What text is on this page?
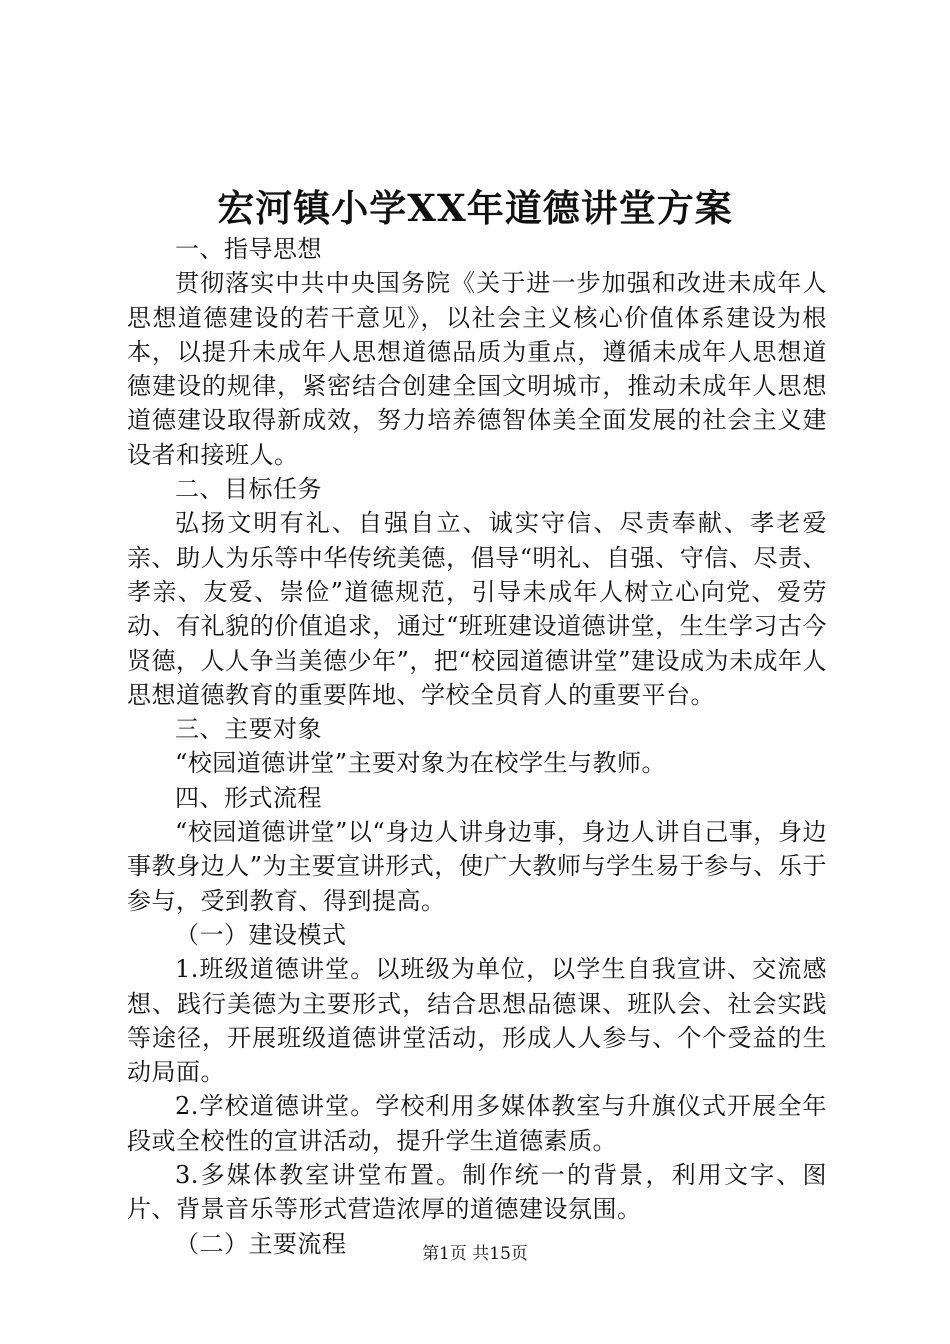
宏河镇小学XX年道德讲堂方案

一、指导思想

贯彻落实中共中央国务院《关于进一步加强和改进未成年人思想道德建设的若干意见》，以社会主义核心价值体系建设为根本，以提升未成年人思想道德品质为重点，遵循未成年人思想道德建设的规律，紧密结合创建全国文明城市，推动未成年人思想道德建设取得新成效，努力培养德智体美全面发展的社会主义建设者和接班人。

二、目标任务

弘扬文明有礼、自强自立、诚实守信、尽责奉献、孝老爱亲、助人为乐等中华传统美德，倡导“明礼、自强、守信、尽责、孝亲、友爱、崇俭”道德规范，引导未成年人树立心向党、爱劳动、有礼貌的价值追求，通过“班班建设道德讲堂，生生学习古今贤德，人人争当美德少年”，把“校园道德讲堂”建设成为未成年人思想道德教育的重要阵地、学校全员育人的重要平台。

三、主要对象

“校园道德讲堂”主要对象为在校学生与教师。

四、形式流程

“校园道德讲堂”以“身边人讲身边事，身边人讲自己事，身边事教身边人”为主要宣讲形式，使广大教师与学生易于参与、乐于参与，受到教育、得到提高。

（一）建设模式

1.班级道德讲堂。以班级为单位，以学生自我宣讲、交流感想、践行美德为主要形式，结合思想品德课、班队会、社会实践等途径，开展班级道德讲堂活动，形成人人参与、个个受益的生动局面。

2.学校道德讲堂。学校利用多媒体教室与升旗仪式开展全年段或全校性的宣讲活动，提升学生道德素质。

3.多媒体教室讲堂布置。制作统一的背景，利用文字、图片、背景音乐等形式营造浓厚的道德建设氛围。

（二）主要流程	第1页 共15页
